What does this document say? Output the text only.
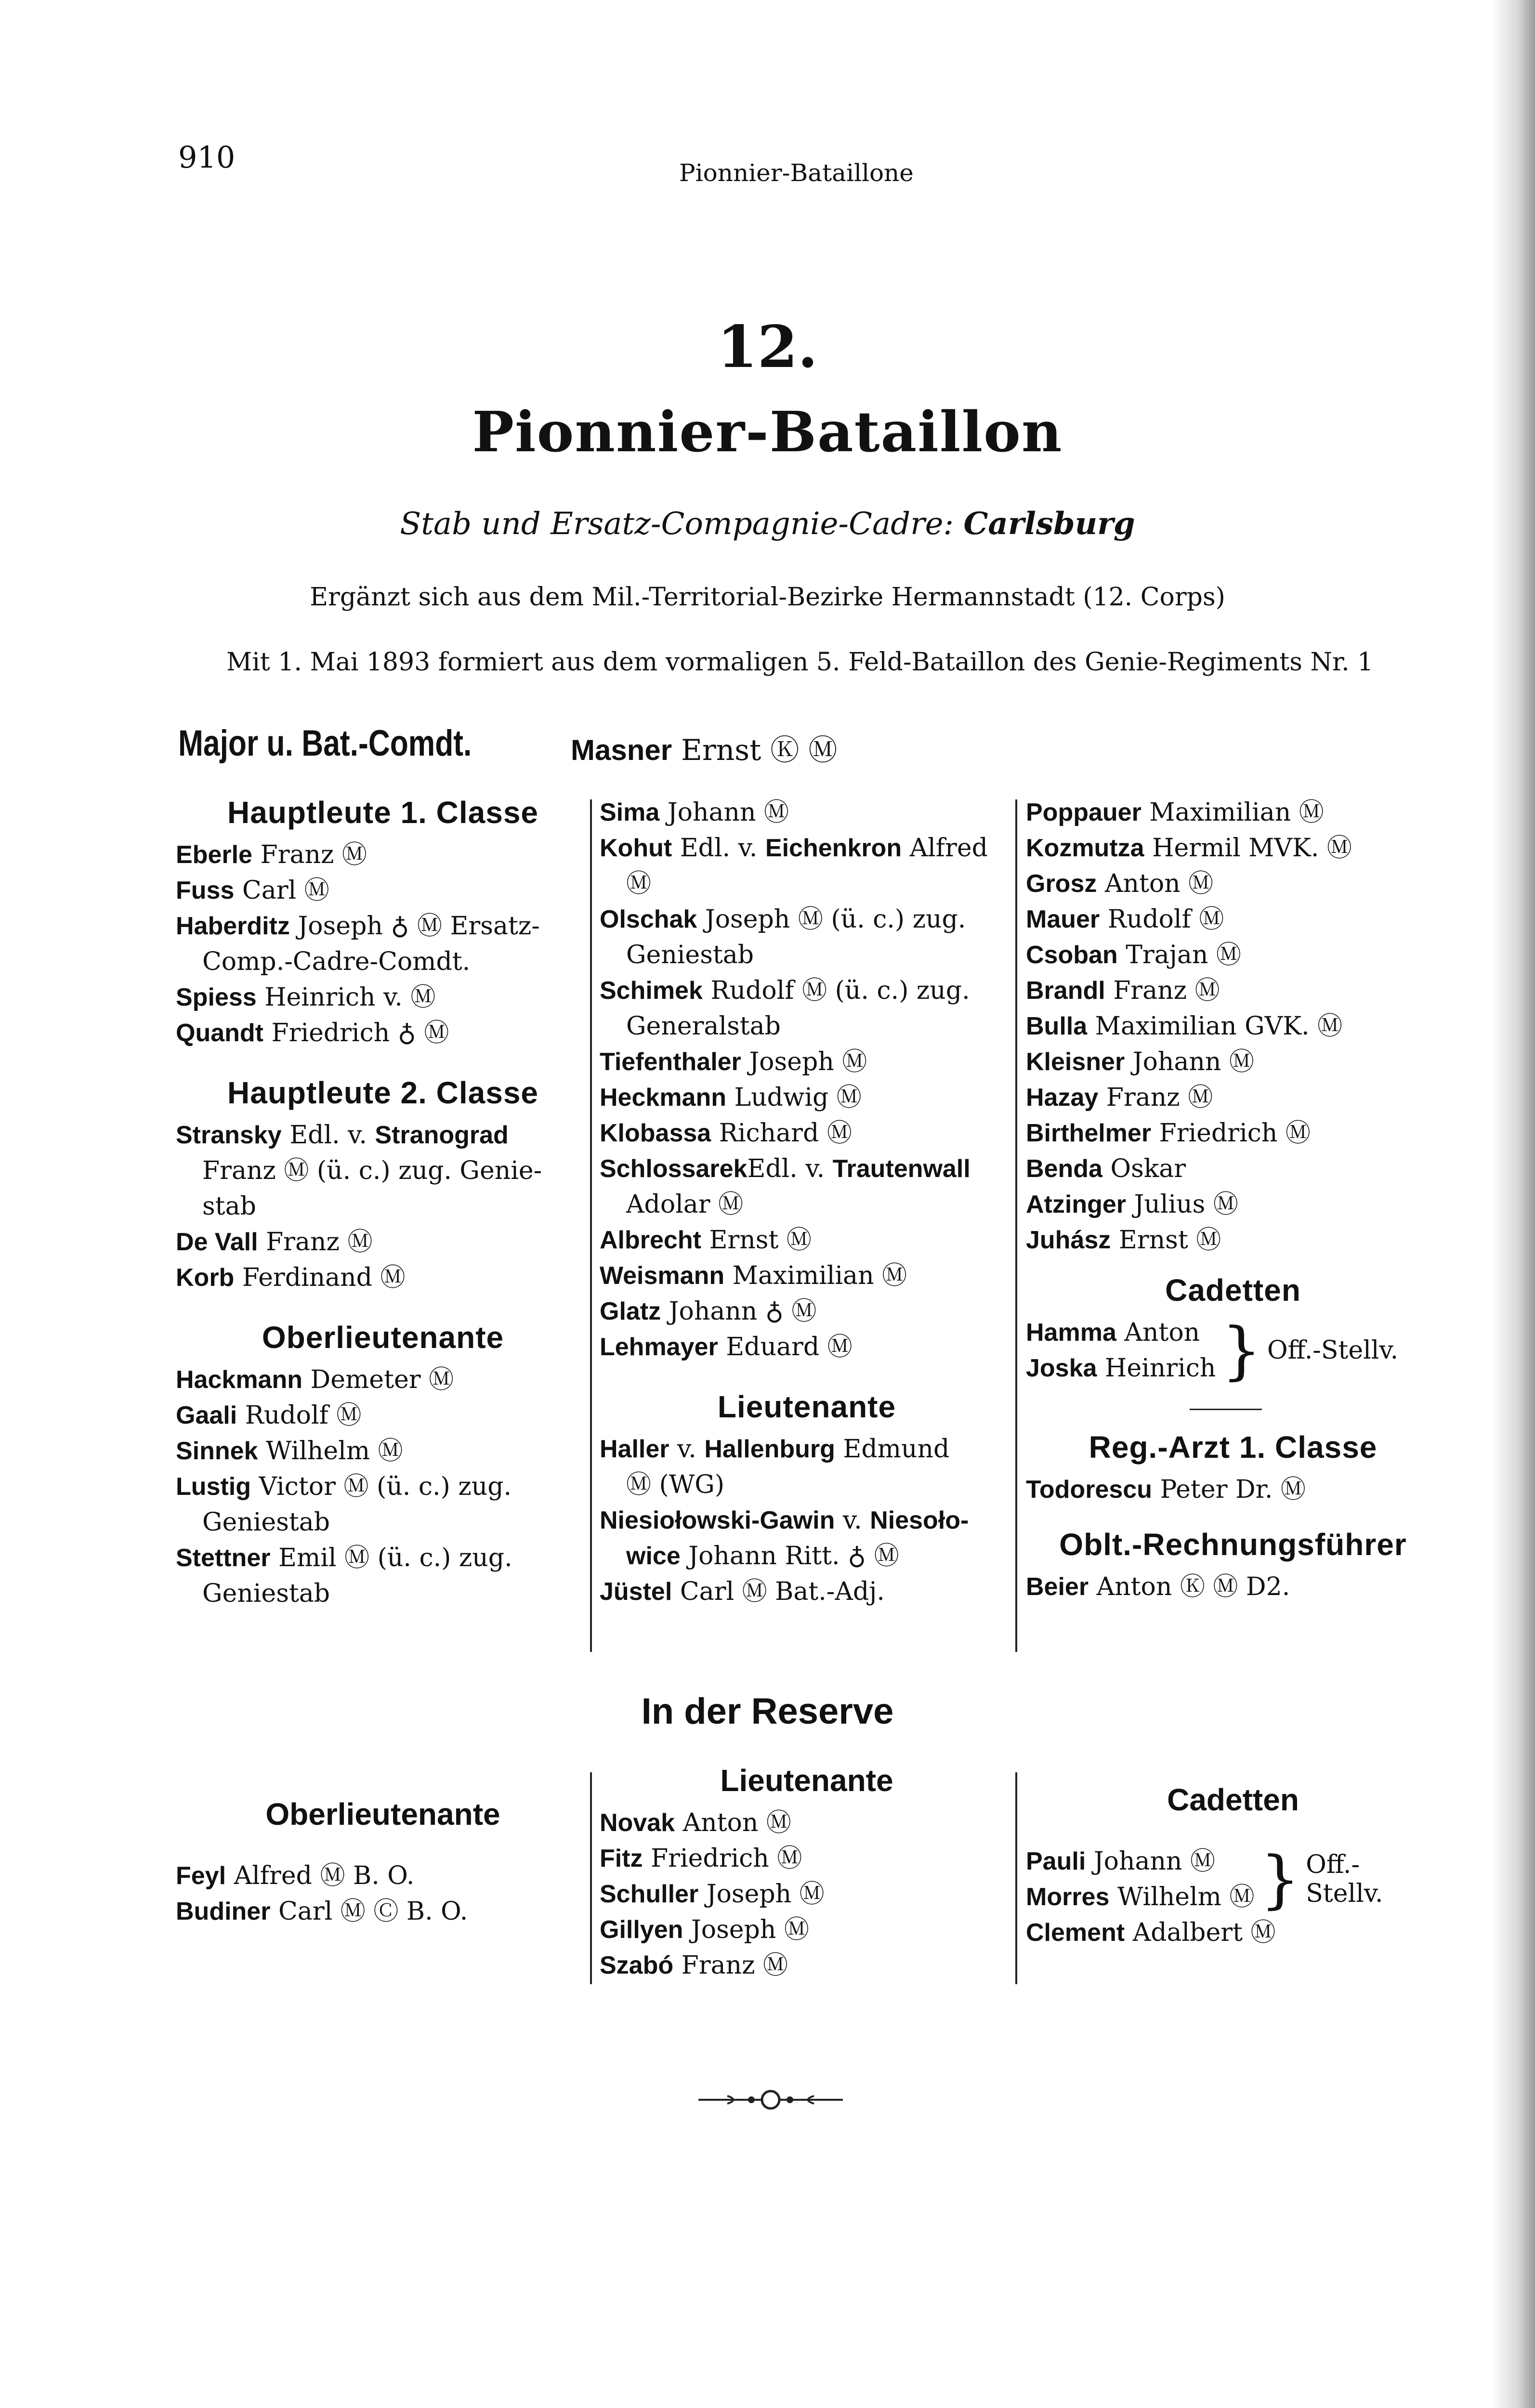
910	Pionnier-Bataillone
12.
Pionnier-Bataillon
Stab und Ersatz-Compagnie-Cadre: Carlsburg
Ergänzt sich aus dem Mil.-Territorial-Bezirke Hermannstadt (12. Corps)
Mit 1. Mai 1893 formiert aus dem vormaligen 5. Feld-Bataillon des Genie-Regiments Nr. 1
Major u. Bat.-Comdt.	Masner Ernst Ⓚ Ⓜ
Hauptleute 1. Classe
Eberle Franz Ⓜ
Fuss Carl Ⓜ
Haberditz Joseph ♁ Ⓜ Ersatz-
Comp.-Cadre-Comdt.
Spiess Heinrich v. Ⓜ
Quandt Friedrich ♁ Ⓜ
Hauptleute 2. Classe
Stransky Edl. v. Stranograd
Franz Ⓜ (ü. c.) zug. Genie-
stab
De Vall Franz Ⓜ
Korb Ferdinand Ⓜ
Oberlieutenante
Hackmann Demeter Ⓜ
Gaali Rudolf Ⓜ
Sinnek Wilhelm Ⓜ
Lustig Victor Ⓜ (ü. c.) zug.
Geniestab
Stettner Emil Ⓜ (ü. c.) zug.
Geniestab
Sima Johann Ⓜ
Kohut Edl. v. Eichenkron Alfred
Ⓜ
Olschak Joseph Ⓜ (ü. c.) zug.
Geniestab
Schimek Rudolf Ⓜ (ü. c.) zug.
Generalstab
Tiefenthaler Joseph Ⓜ
Heckmann Ludwig Ⓜ
Klobassa Richard Ⓜ
SchlossarekEdl. v. Trautenwall
Adolar Ⓜ
Albrecht Ernst Ⓜ
Weismann Maximilian Ⓜ
Glatz Johann ♁ Ⓜ
Lehmayer Eduard Ⓜ
Lieutenante
Haller v. Hallenburg Edmund
Ⓜ (WG)
Niesiołowski-Gawin v. Niesoło-
wice Johann Ritt. ♁ Ⓜ
Jüstel Carl Ⓜ Bat.-Adj.
Poppauer Maximilian Ⓜ
Kozmutza Hermil MVK. Ⓜ
Grosz Anton Ⓜ
Mauer Rudolf Ⓜ
Csoban Trajan Ⓜ
Brandl Franz Ⓜ
Bulla Maximilian GVK. Ⓜ
Kleisner Johann Ⓜ
Hazay Franz Ⓜ
Birthelmer Friedrich Ⓜ
Benda Oskar
Atzinger Julius Ⓜ
Juhász Ernst Ⓜ
Cadetten
Hamma Anton
Joska Heinrich } Off.-Stellv.
Reg.-Arzt 1. Classe
Todorescu Peter Dr. Ⓜ
Oblt.-Rechnungsführer
Beier Anton Ⓚ Ⓜ D2.
In der Reserve
Oberlieutenante
Feyl Alfred Ⓜ B. O.
Budiner Carl Ⓜ Ⓒ B. O.
Lieutenante
Novak Anton Ⓜ
Fitz Friedrich Ⓜ
Schuller Joseph Ⓜ
Gillyen Joseph Ⓜ
Szabó Franz Ⓜ
Cadetten
Pauli Johann Ⓜ
Morres Wilhelm Ⓜ } Off.-
Stellv.
Clement Adalbert Ⓜ
